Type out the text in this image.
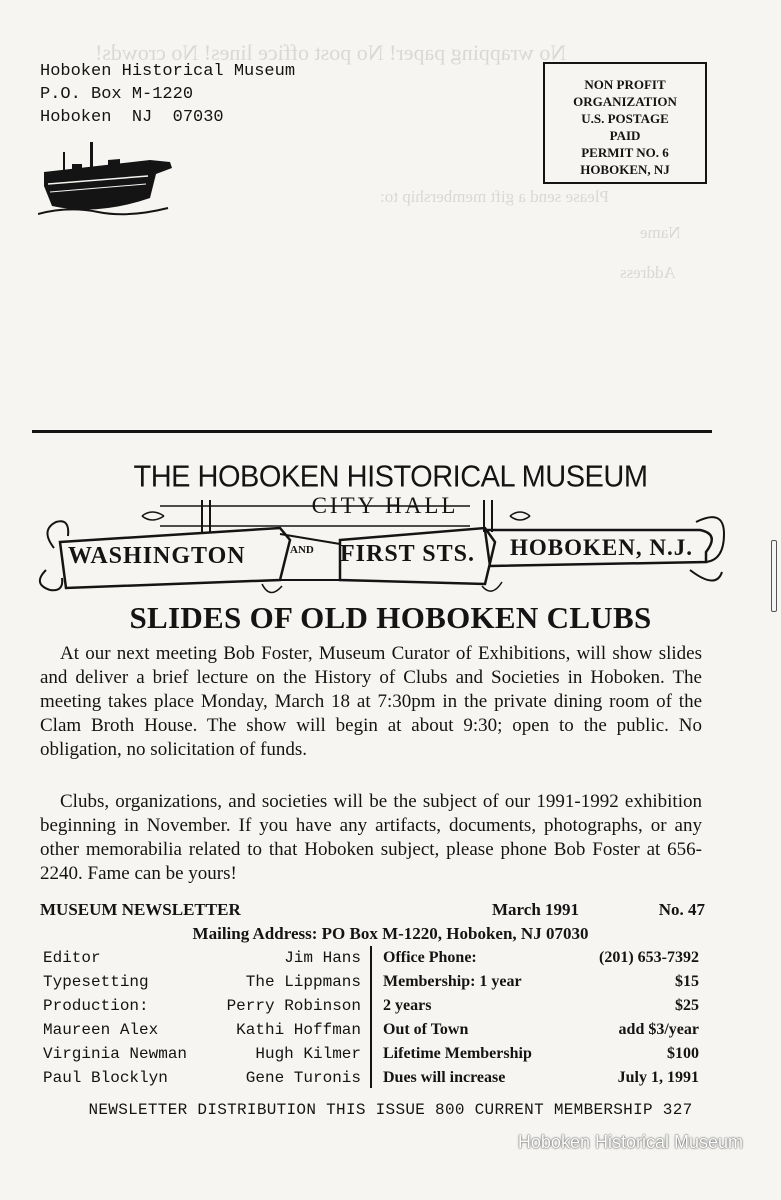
No wrapping paper! No post office lines! No crowds!
Please send a gift membership to:
Name
Address
Hoboken Historical Museum
P.O. Box M-1220
Hoboken  NJ  07030
NON PROFIT
ORGANIZATION
U.S. POSTAGE
PAID
PERMIT NO. 6
HOBOKEN, NJ
THE HOBOKEN HISTORICAL MUSEUM
CITY HALL
WASHINGTON	AND FIRST STS. HOBOKEN, N.J.
SLIDES OF OLD HOBOKEN CLUBS
At our next meeting Bob Foster, Museum Curator of Exhibitions, will show slides and deliver a brief lecture on the History of Clubs and Societies in Hoboken. The meeting takes place Monday, March 18 at 7:30pm in the private dining room of the Clam Broth House. The show will begin at about 9:30; open to the public. No obligation, no solicitation of funds.
Clubs, organizations, and societies will be the subject of our 1991-1992 exhibition beginning in November. If you have any artifacts, documents, photographs, or any other memorabilia related to that Hoboken subject, please phone Bob Foster at 656-2240. Fame can be yours!
MUSEUM NEWSLETTER	March 1991	No. 47
Mailing Address: PO Box M-1220, Hoboken, NJ 07030
Editor	Jim Hans
Typesetting	The Lippmans
Production:	Perry Robinson
Maureen Alex	Kathi Hoffman
Virginia Newman	Hugh Kilmer
Paul Blocklyn	Gene Turonis
Office Phone:	(201) 653-7392
Membership: 1 year	$15
2 years	$25
Out of Town	add $3/year
Lifetime Membership	$100
Dues will increase	July 1, 1991
NEWSLETTER DISTRIBUTION THIS ISSUE 800 CURRENT MEMBERSHIP 327
Hoboken Historical Museum
